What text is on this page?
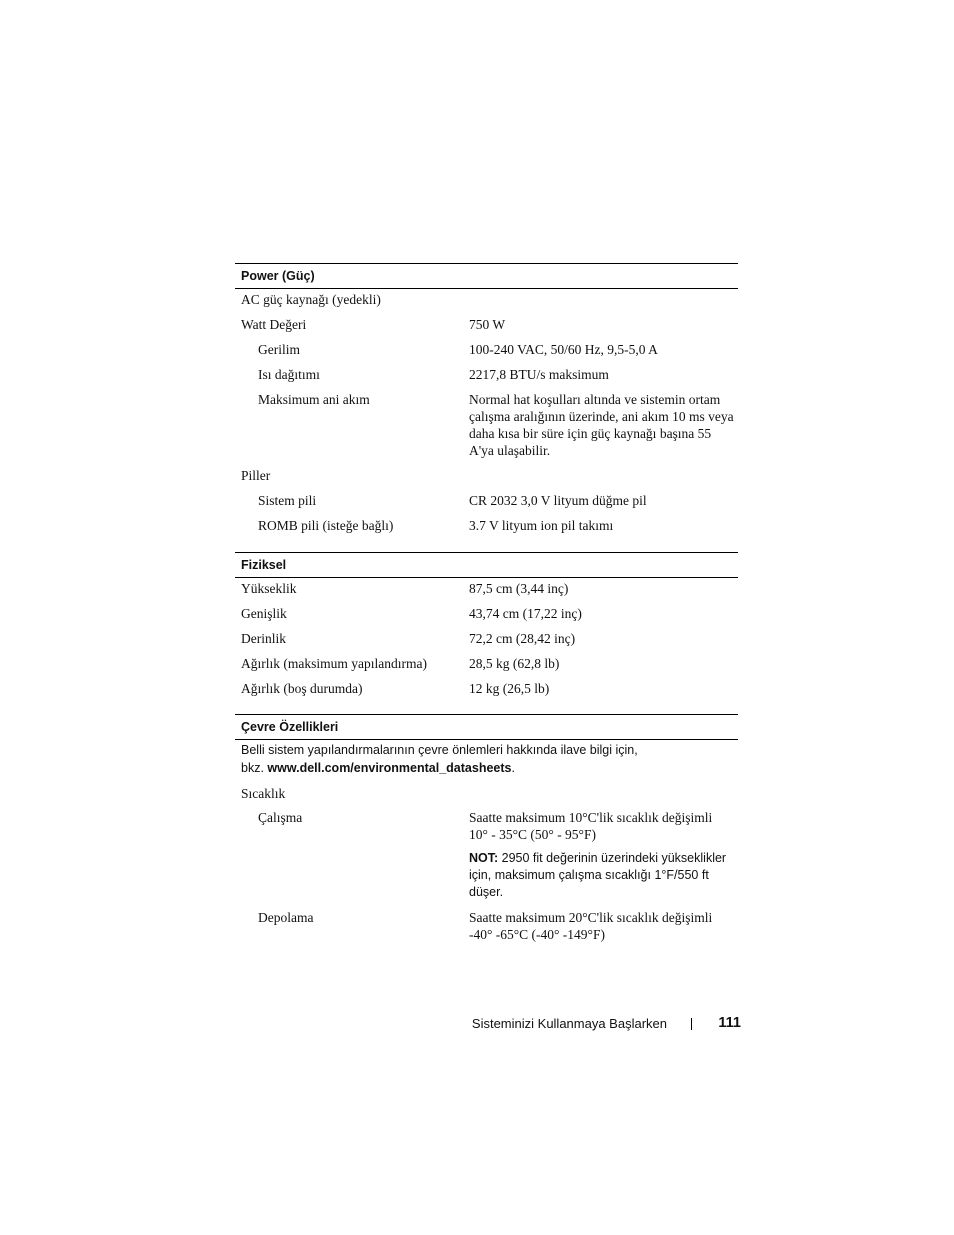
Power (Güç)
AC güç kaynağı (yedekli)
Watt Değeri	750 W
Gerilim	100-240 VAC, 50/60 Hz, 9,5-5,0 A
Isı dağıtımı	2217,8 BTU/s maksimum
Maksimum ani akım	Normal hat koşulları altında ve sistemin ortam çalışma aralığının üzerinde, ani akım 10 ms veya daha kısa bir süre için güç kaynağı başına 55 A'ya ulaşabilir.
Piller
Sistem pili	CR 2032 3,0 V lityum düğme pil
ROMB pili (isteğe bağlı)	3.7 V lityum ion pil takımı
Fiziksel
Yükseklik	87,5 cm (3,44 inç)
Genişlik	43,74 cm (17,22 inç)
Derinlik	72,2 cm (28,42 inç)
Ağırlık (maksimum yapılandırma)	28,5 kg (62,8 lb)
Ağırlık (boş durumda)	12 kg (26,5 lb)
Çevre Özellikleri
Belli sistem yapılandırmalarının çevre önlemleri hakkında ilave bilgi için,
bkz. www.dell.com/environmental_datasheets.
Sıcaklık
Çalışma	Saatte maksimum 10°C'lik sıcaklık değişimli
10° - 35°C (50° - 95°F)
NOT: 2950 fit değerinin üzerindeki yükseklikler için, maksimum çalışma sıcaklığı 1°F/550 ft düşer.
Depolama	Saatte maksimum 20°C'lik sıcaklık değişimli
-40° -65°C (-40° -149°F)
Sisteminizi Kullanmaya Başlarken	111
